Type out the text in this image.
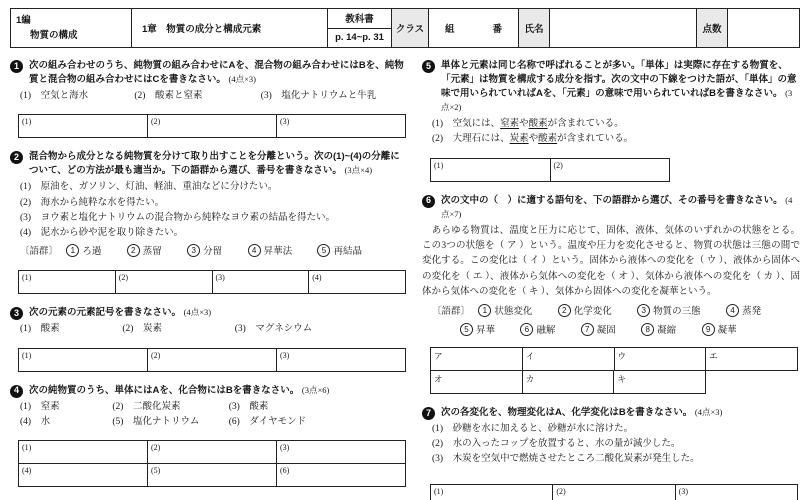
1編
物質の構成
1章　物質の成分と構成元素
教科書
p. 14~p. 31
クラス	組	番	氏名	点数
1	次の組み合わせのうち、純物質の組み合わせにAを、混合物の組み合わせにはBを、純物質と混合物の組み合わせにはCを書きなさい。 (4点×3)
(1)　空気と海水	(2)　酸素と窒素	(3)　塩化ナトリウムと牛乳
(1)	(2)	(3)
2	混合物から成分となる純物質を分けて取り出すことを分離という。次の(1)~(4)の分離について、どの方法が最も適当か。下の語群から選び、番号を書きなさい。 (3点×4)
(1)　原油を、ガソリン、灯油、軽油、重油などに分けたい。
(2)　海水から純粋な水を得たい。
(3)　ヨウ素と塩化ナトリウムの混合物から純粋なヨウ素の結晶を得たい。
(4)　泥水から砂や泥を取り除きたい。
〔語群〕 1 ろ過	2 蒸留	3 分留	4 昇華法	5 再結晶
(1)	(2)	(3)	(4)
3	次の元素の元素記号を書きなさい。 (4点×3)
(1)　酸素	(2)　炭素	(3)　マグネシウム
(1)	(2)	(3)
4	次の純物質のうち、単体にはAを、化合物にはBを書きなさい。 (3点×6)
(1)　窒素	(2)　二酸化炭素	(3)　酸素
(4)　水	(5)　塩化ナトリウム	(6)　ダイヤモンド
(1)	(2)	(3)
(4)	(5)	(6)
5	単体と元素は同じ名称で呼ばれることが多い。「単体」は実際に存在する物質を、「元素」は物質を構成する成分を指す。次の文中の下線をつけた語が、「単体」の意味で用いられていればAを、「元素」の意味で用いられていればBを書きなさい。 (3点×2)
(1)　空気には、窒素や酸素が含まれている。
(2)　大理石には、炭素や酸素が含まれている。
(1)	(2)
6	次の文中の（　）に適する語句を、下の語群から選び、その番号を書きなさい。 (4点×7)
　あらゆる物質は、温度と圧力に応じて、固体、液体、気体のいずれかの状態をとる。この3つの状態を（ ア ）という。温度や圧力を変化させると、物質の状態は三態の間で変化する。この変化は（ イ ）という。固体から液体への変化を（ ウ ）、液体から固体への変化を（ エ ）、液体から気体への変化を（ オ ）、気体から液体への変化を（ カ ）、固体から気体への変化を（ キ ）、気体から固体への変化を凝華という。
〔語群〕 1 状態変化	2 化学変化	3 物質の三態	4 蒸発
5 昇華	6 融解	7 凝固	8 凝縮	9 凝華
ア	イ	ウ	エ
オ	カ	キ
7	次の各変化を、物理変化はA、化学変化はBを書きなさい。 (4点×3)
(1)　砂糖を水に加えると、砂糖が水に溶けた。
(2)　水の入ったコップを放置すると、水の量が減少した。
(3)　木炭を空気中で燃焼させたところ二酸化炭素が発生した。
(1)	(2)	(3)
